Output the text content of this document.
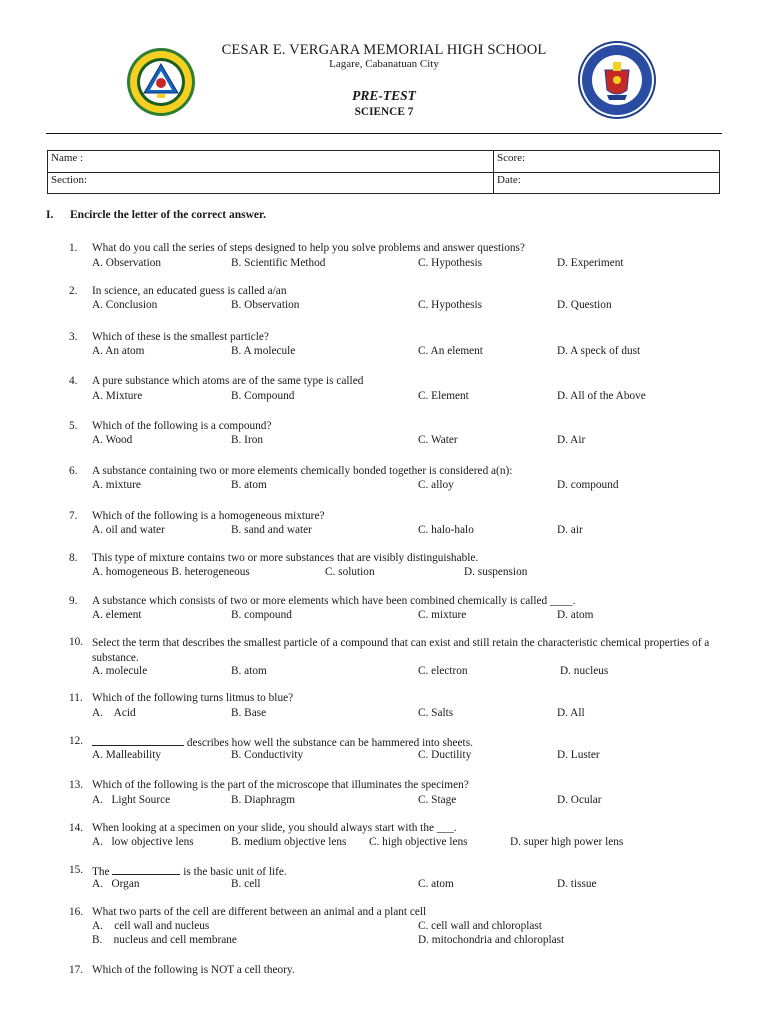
CESAR E. VERGARA MEMORIAL HIGH SCHOOL
Lagare, Cabanatuan City
PRE-TEST
SCIENCE 7
Name :	Score:
Section:	Date:
I. Encircle the letter of the correct answer.
1.	What do you call the series of steps designed to help you solve problems and answer questions?
A. Observation	B. Scientific Method	C. Hypothesis	D. Experiment
2.	In science, an educated guess is called a/an
A. Conclusion	B. Observation	C. Hypothesis	D. Question
3.	Which of these is the smallest particle?
A. An atom	B. A molecule	C. An element	D. A speck of dust
4.	A pure substance which atoms are of the same type is called
A. Mixture	B. Compound	C. Element	D. All of the Above
5.	Which of the following is a compound?
A. Wood	B. Iron	C. Water	D. Air
6.	A substance containing two or more elements chemically bonded together is considered a(n):
A. mixture	B. atom	C. alloy	D. compound
7.	Which of the following is a homogeneous mixture?
A. oil and water	B. sand and water	C. halo-halo	D. air
8.	This type of mixture contains two or more substances that are visibly distinguishable.
A. homogeneous B. heterogeneous	C. solution	D. suspension
9.	A substance which consists of two or more elements which have been combined chemically is called ____.
A. element	B. compound	C. mixture	D. atom
10. Select the term that describes the smallest particle of a compound that can exist and still retain the characteristic chemical properties of a substance.
A. molecule	B. atom	C. electron	D. nucleus
11. Which of the following turns litmus to blue?
A.    Acid	B. Base	C. Salts	D. All
12.	describes how well the substance can be hammered into sheets.
A. Malleability	B. Conductivity	C. Ductility	D. Luster
13. Which of the following is the part of the microscope that illuminates the specimen?
A.   Light Source	B. Diaphragm	C. Stage	D. Ocular
14. When looking at a specimen on your slide, you should always start with the ___.
A.   low objective lens	B. medium objective lens C. high objective lens	D. super high power lens
15. The	is the basic unit of life.
A.   Organ	B. cell	C. atom	D. tissue
16. What two parts of the cell are different between an animal and a plant cell
A.    cell wall and nucleus	C. cell wall and chloroplast
B.    nucleus and cell membrane	D. mitochondria and chloroplast
17. Which of the following is NOT a cell theory.
